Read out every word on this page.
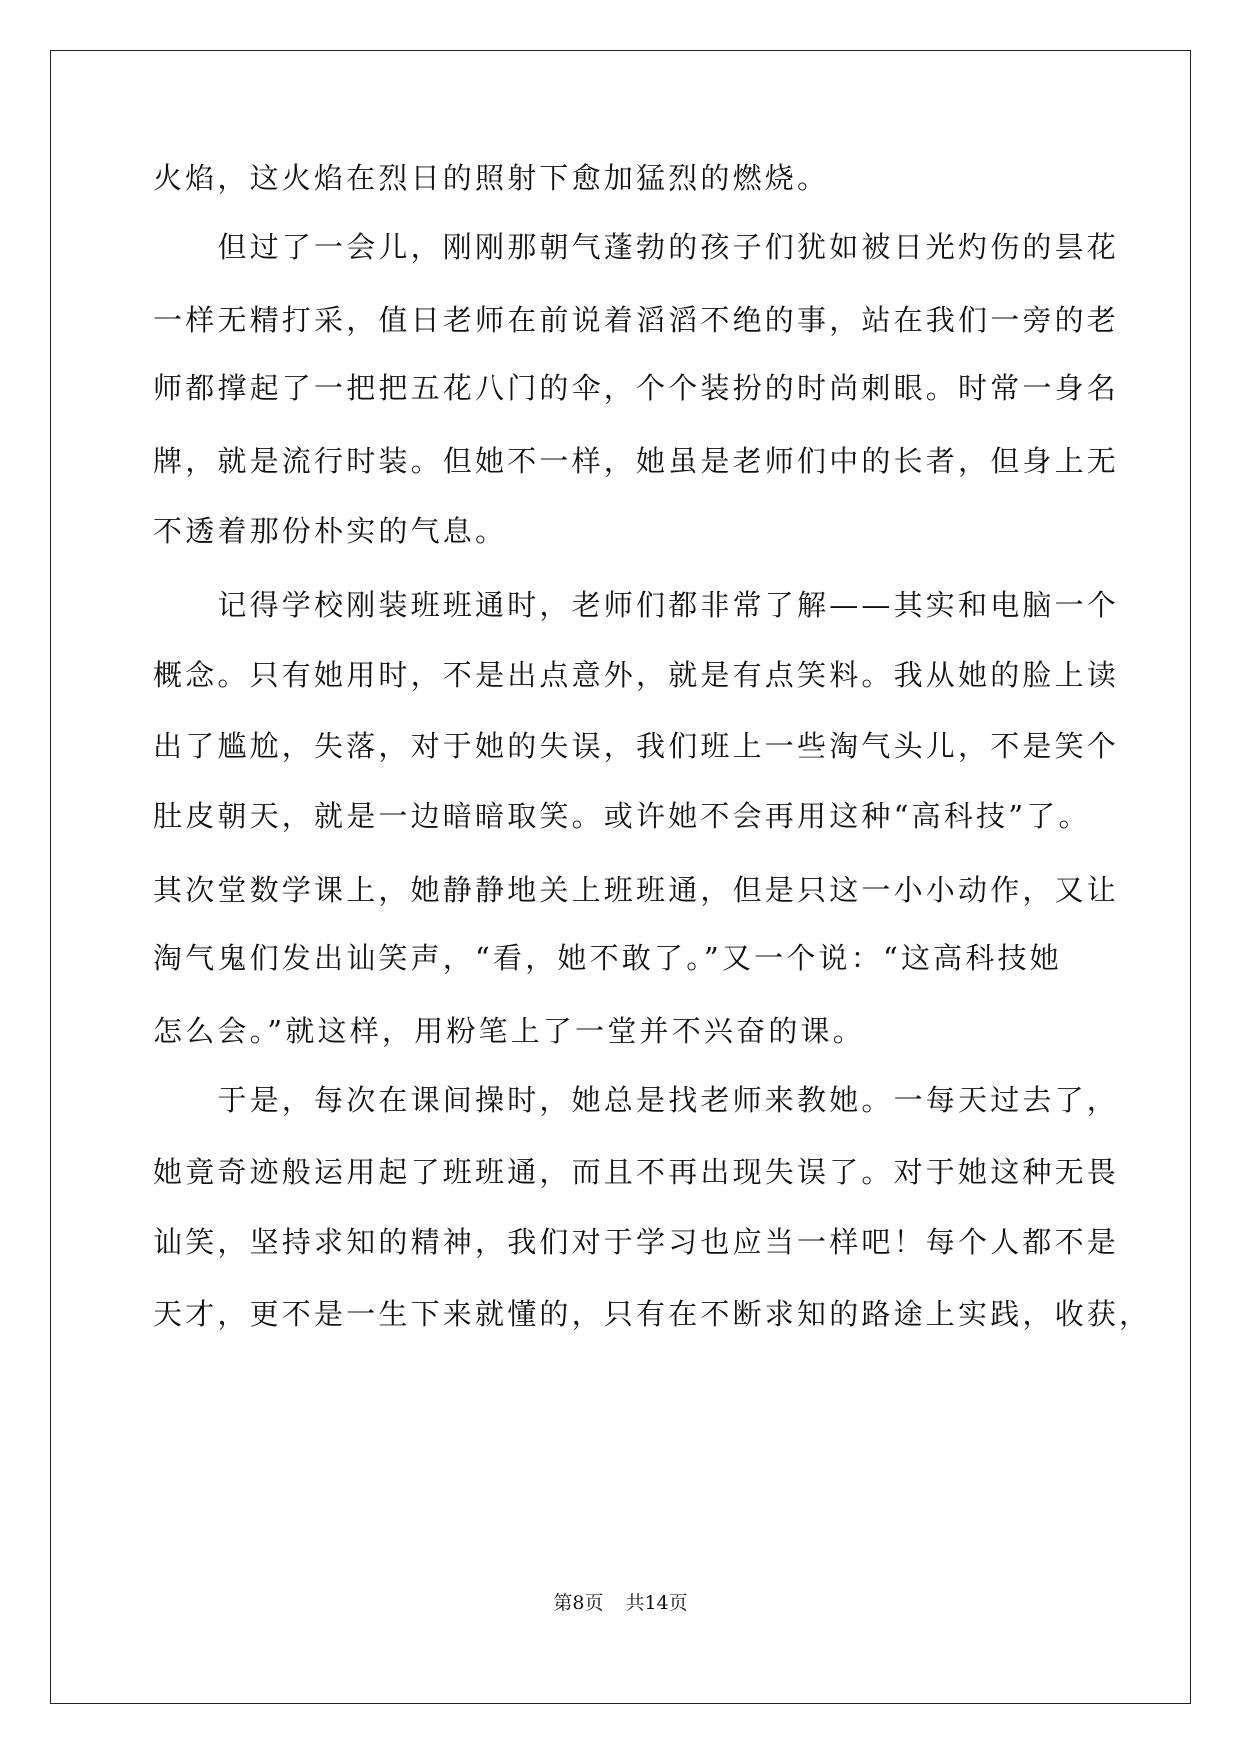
火焰，这火焰在烈日的照射下愈加猛烈的燃烧。
　　但过了一会儿，刚刚那朝气蓬勃的孩子们犹如被日光灼伤的昙花
一样无精打采，值日老师在前说着滔滔不绝的事，站在我们一旁的老
师都撑起了一把把五花八门的伞，个个装扮的时尚刺眼。时常一身名
牌，就是流行时装。但她不一样，她虽是老师们中的长者，但身上无
不透着那份朴实的气息。
　　记得学校刚装班班通时，老师们都非常了解——其实和电脑一个
概念。只有她用时，不是出点意外，就是有点笑料。我从她的脸上读
出了尴尬，失落，对于她的失误，我们班上一些淘气头儿，不是笑个
肚皮朝天，就是一边暗暗取笑。或许她不会再用这种“高科技”了。
其次堂数学课上，她静静地关上班班通，但是只这一小小动作，又让
淘气鬼们发出讪笑声，“看，她不敢了。”又一个说：“这高科技她
怎么会。”就这样，用粉笔上了一堂并不兴奋的课。
　　于是，每次在课间操时，她总是找老师来教她。一每天过去了，
她竟奇迹般运用起了班班通，而且不再出现失误了。对于她这种无畏
讪笑，坚持求知的精神，我们对于学习也应当一样吧！每个人都不是
天才，更不是一生下来就懂的，只有在不断求知的路途上实践，收获，
第8页 共14页
